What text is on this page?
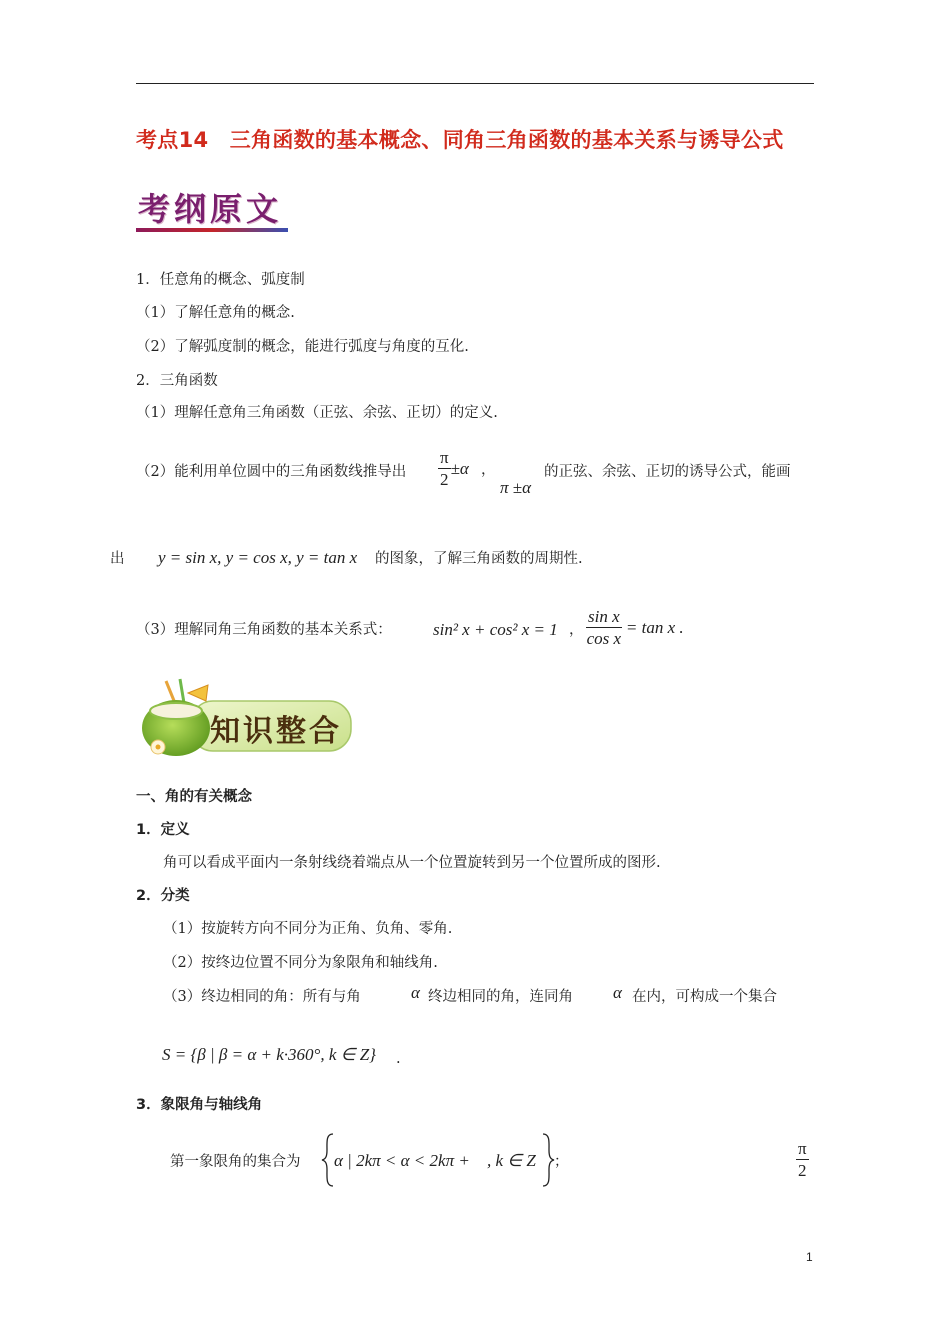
考点14　三角函数的基本概念、同角三角函数的基本关系与诱导公式
考纲原文
1．任意角的概念、弧度制
（1）了解任意角的概念.
（2）了解弧度制的概念，能进行弧度与角度的互化.
2．三角函数
（1）理解任意角三角函数（正弦、余弦、正切）的定义.
（2）能利用单位圆中的三角函数线推导出 $\frac{\pi}{2} \pm\alpha$ ，
π ±α
的正弦、余弦、正切的诱导公式，能画
出 y = sin x, y = cos x, y = tan x 的图象，了解三角函数的周期性.
（3）理解同角三角函数的基本关系式： sin² x + cos² x = 1 ， $\frac{\text{sin x}}{\text{cos x}} = \tan x$ .
知识整合
一、角的有关概念
1．定义
角可以看成平面内一条射线绕着端点从一个位置旋转到另一个位置所成的图形.
2．分类
（1）按旋转方向不同分为正角、负角、零角.
（2）按终边位置不同分为象限角和轴线角.
（3）终边相同的角：所有与角	α 终边相同的角，连同角 α 在内，可构成一个集合
S = {β | β = α + k·360°, k ∈ Z} .
3．象限角与轴线角
第一象限角的集合为 α | 2kπ < α < 2kπ +	$\frac{\pi}{2}$
, k ∈ Z ；
1
